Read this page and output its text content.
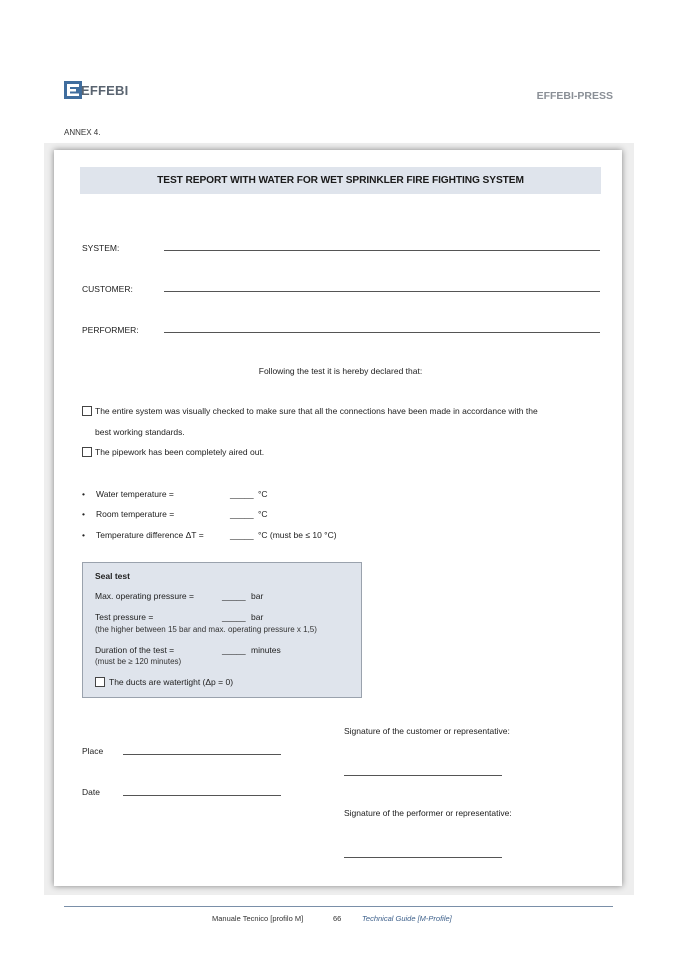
EFFEBI	EFFEBI-PRESS
ANNEX 4.
TEST REPORT WITH WATER FOR WET SPRINKLER FIRE FIGHTING SYSTEM
SYSTEM:
CUSTOMER:
PERFORMER:
Following the test it is hereby declared that:
The entire system was visually checked to make sure that all the connections have been made in accordance with the
best working standards.
The pipework has been completely aired out.
• Water temperature =	_____ °C
• Room temperature =	_____ °C
• Temperature difference ΔT =	_____ °C (must be ≤ 10 °C)
Seal test
Max. operating pressure =	_____ bar
Test pressure =	_____ bar
(the higher between 15 bar and max. operating pressure x 1,5)
Duration of the test =	_____ minutes
(must be ≥ 120 minutes)
The ducts are watertight (Δp = 0)
Signature of the customer or representative:
Place
Date
Signature of the performer or representative:
Manuale Tecnico [profilo M]	66	Technical Guide [M-Profile]
